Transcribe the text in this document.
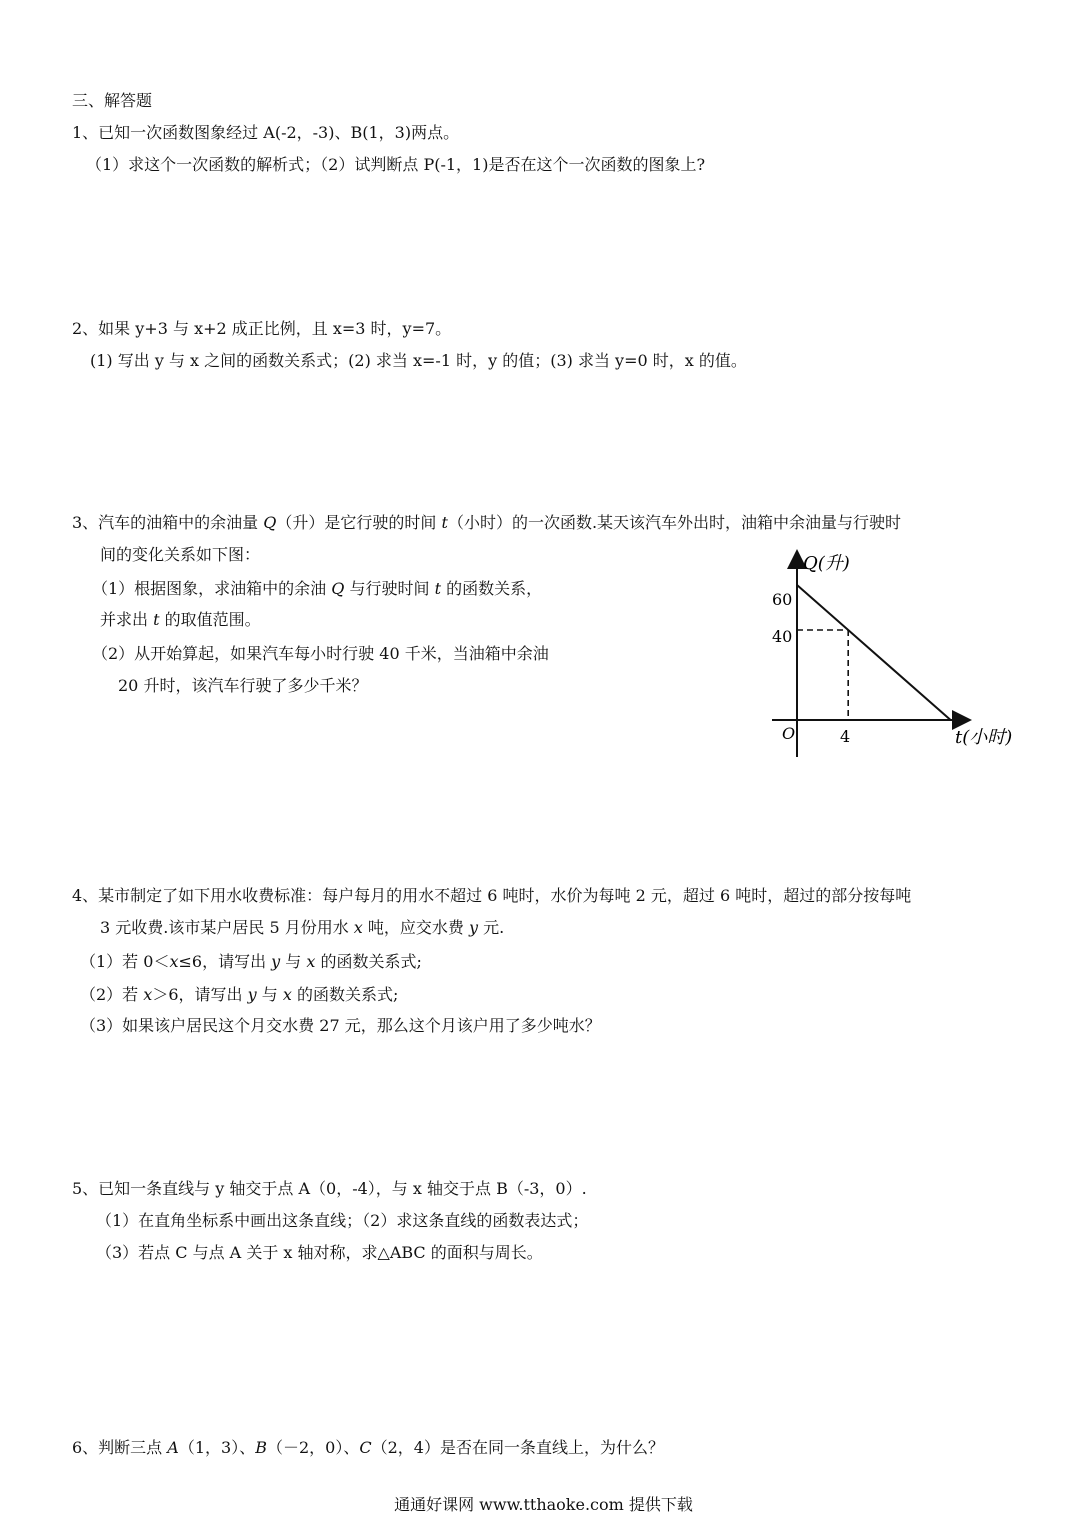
三、解答题
1、已知一次函数图象经过 A(-2，-3)、B(1，3)两点。
（1）求这个一次函数的解析式；（2）试判断点 P(-1，1)是否在这个一次函数的图象上?
2、如果 y+3 与 x+2 成正比例，且 x=3 时，y=7。
(1) 写出 y 与 x 之间的函数关系式；(2) 求当 x=-1 时，y 的值；(3) 求当 y=0 时，x 的值。
3、汽车的油箱中的余油量 Q（升）是它行驶的时间 t（小时）的一次函数.某天该汽车外出时，油箱中余油量与行驶时
间的变化关系如下图：
（1）根据图象，求油箱中的余油 Q 与行驶时间 t 的函数关系，
并求出 t 的取值范围。
（2）从开始算起，如果汽车每小时行驶 40 千米，当油箱中余油
20 升时，该汽车行驶了多少千米？
60
40
O	4
Q(升)
t(小时)
4、某市制定了如下用水收费标准：每户每月的用水不超过 6 吨时，水价为每吨 2 元，超过 6 吨时，超过的部分按每吨
3 元收费.该市某户居民 5 月份用水 x 吨，应交水费 y 元.
（1）若 0＜x≤6，请写出 y 与 x 的函数关系式;
（2）若 x＞6，请写出 y 与 x 的函数关系式;
（3）如果该户居民这个月交水费 27 元，那么这个月该户用了多少吨水？
5、已知一条直线与 y 轴交于点 A（0，-4），与 x 轴交于点 B（-3，0）.
（1）在直角坐标系中画出这条直线；（2）求这条直线的函数表达式；
（3）若点 C 与点 A 关于 x 轴对称，求△ABC 的面积与周长。
6、判断三点 A（1，3）、B（－2，0）、C（2，4）是否在同一条直线上，为什么？
通通好课网 www.tthaoke.com 提供下载
